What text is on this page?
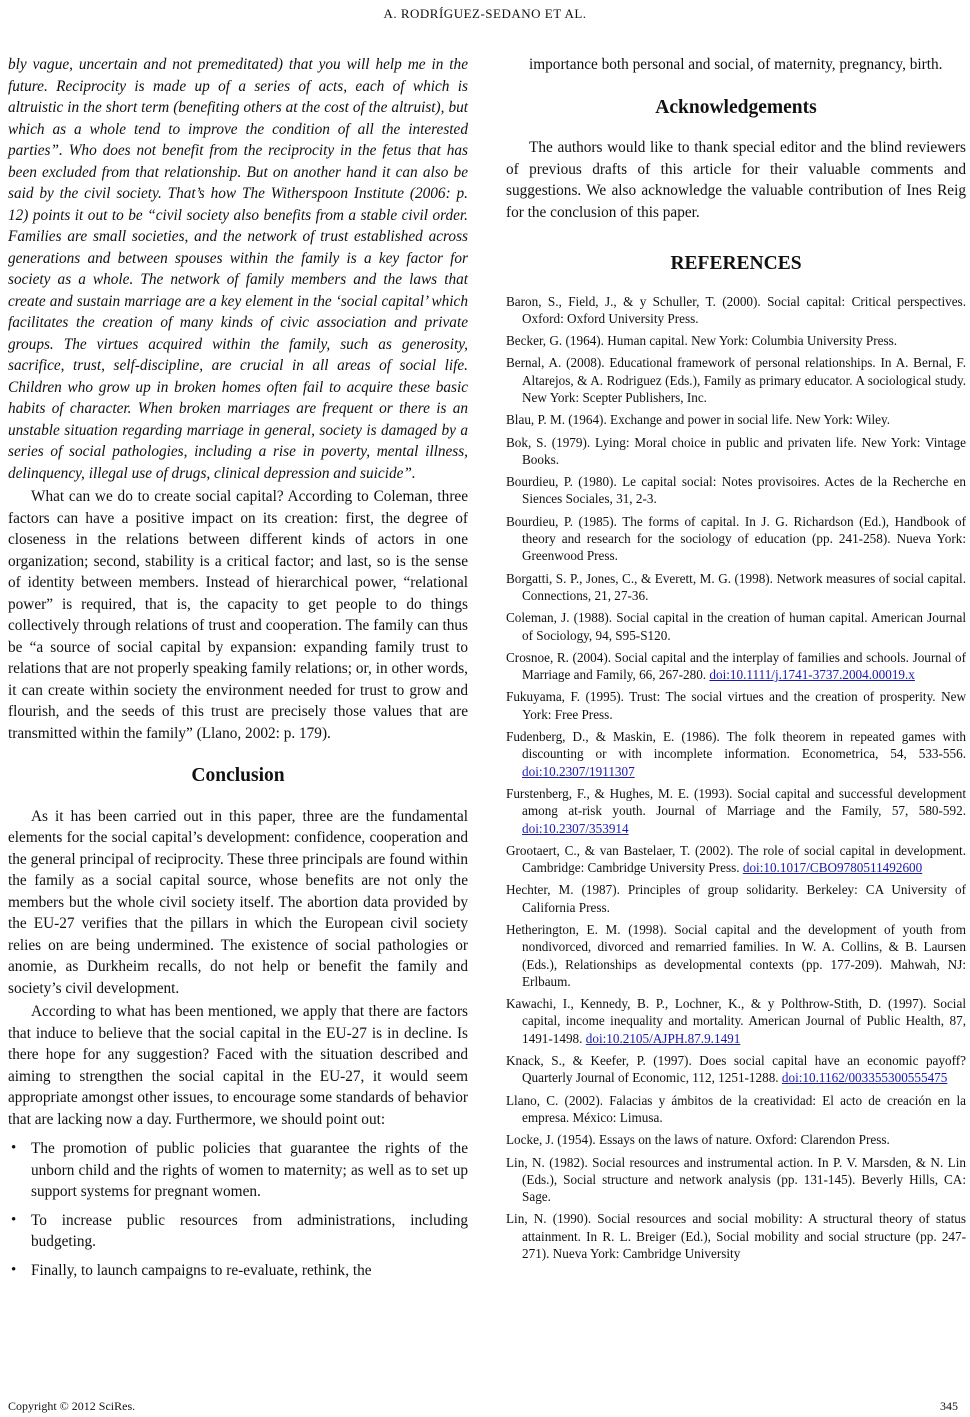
A. RODRÍGUEZ-SEDANO ET AL.

bly vague, uncertain and not premeditated) that you will help me in the future. Reciprocity is made up of a series of acts, each of which is altruistic in the short term (benefiting others at the cost of the altruist), but which as a whole tend to improve the condition of all the interested parties”. Who does not benefit from the reciprocity in the fetus that has been excluded from that relationship. But on another hand it can also be said by the civil society. That’s how The Witherspoon Institute (2006: p. 12) points it out to be “civil society also benefits from a stable civil order. Families are small societies, and the network of trust established across generations and between spouses within the family is a key factor for society as a whole. The network of family members and the laws that create and sustain marriage are a key element in the ‘social capital’ which facilitates the creation of many kinds of civic association and private groups. The virtues acquired within the family, such as generosity, sacrifice, trust, self-discipline, are crucial in all areas of social life. Children who grow up in broken homes often fail to acquire these basic habits of character. When broken marriages are frequent or there is an unstable situation regarding marriage in general, society is damaged by a series of social pathologies, including a rise in poverty, mental illness, delinquency, illegal use of drugs, clinical depression and suicide”.

What can we do to create social capital? According to Coleman, three factors can have a positive impact on its creation: first, the degree of closeness in the relations between different kinds of actors in one organization; second, stability is a critical factor; and last, so is the sense of identity between members. Instead of hierarchical power, “relational power” is required, that is, the capacity to get people to do things collectively through relations of trust and cooperation. The family can thus be “a source of social capital by expansion: expanding family trust to relations that are not properly speaking family relations; or, in other words, it can create within society the environment needed for trust to grow and flourish, and the seeds of this trust are precisely those values that are transmitted within the family” (Llano, 2002: p. 179).

Conclusion

As it has been carried out in this paper, three are the fundamental elements for the social capital’s development: confidence, cooperation and the general principal of reciprocity. These three principals are found within the family as a social capital source, whose benefits are not only the members but the whole civil society itself. The abortion data provided by the EU-27 verifies that the pillars in which the European civil society relies on are being undermined. The existence of social pathologies or anomie, as Durkheim recalls, do not help or benefit the family and society’s civil development.

According to what has been mentioned, we apply that there are factors that induce to believe that the social capital in the EU-27 is in decline. Is there hope for any suggestion? Faced with the situation described and aiming to strengthen the social capital in the EU-27, it would seem appropriate amongst other issues, to encourage some standards of behavior that are lacking now a day. Furthermore, we should point out:

• The promotion of public policies that guarantee the rights of the unborn child and the rights of women to maternity; as well as to set up support systems for pregnant women.
• To increase public resources from administrations, including budgeting.
• Finally, to launch campaigns to re-evaluate, rethink, the

importance both personal and social, of maternity, pregnancy, birth.

Acknowledgements

The authors would like to thank special editor and the blind reviewers of previous drafts of this article for their valuable comments and suggestions. We also acknowledge the valuable contribution of Ines Reig for the conclusion of this paper.

REFERENCES
Baron, S., Field, J., & y Schuller, T. (2000). Social capital: Critical perspectives. Oxford: Oxford University Press.
Becker, G. (1964). Human capital. New York: Columbia University Press.
Bernal, A. (2008). Educational framework of personal relationships. In A. Bernal, F. Altarejos, & A. Rodriguez (Eds.), Family as primary educator. A sociological study. New York: Scepter Publishers, Inc.
Blau, P. M. (1964). Exchange and power in social life. New York: Wiley.
Bok, S. (1979). Lying: Moral choice in public and privaten life. New York: Vintage Books.
Bourdieu, P. (1980). Le capital social: Notes provisoires. Actes de la Recherche en Siences Sociales, 31, 2-3.
Bourdieu, P. (1985). The forms of capital. In J. G. Richardson (Ed.), Handbook of theory and research for the sociology of education (pp. 241-258). Nueva York: Greenwood Press.
Borgatti, S. P., Jones, C., & Everett, M. G. (1998). Network measures of social capital. Connections, 21, 27-36.
Coleman, J. (1988). Social capital in the creation of human capital. American Journal of Sociology, 94, S95-S120.
Crosnoe, R. (2004). Social capital and the interplay of families and schools. Journal of Marriage and Family, 66, 267-280. doi:10.1111/j.1741-3737.2004.00019.x
Fukuyama, F. (1995). Trust: The social virtues and the creation of prosperity. New York: Free Press.
Fudenberg, D., & Maskin, E. (1986). The folk theorem in repeated games with discounting or with incomplete information. Econometrica, 54, 533-556. doi:10.2307/1911307
Furstenberg, F., & Hughes, M. E. (1993). Social capital and successful development among at-risk youth. Journal of Marriage and the Family, 57, 580-592. doi:10.2307/353914
Grootaert, C., & van Bastelaer, T. (2002). The role of social capital in development. Cambridge: Cambridge University Press. doi:10.1017/CBO9780511492600
Hechter, M. (1987). Principles of group solidarity. Berkeley: CA University of California Press.
Hetherington, E. M. (1998). Social capital and the development of youth from nondivorced, divorced and remarried families. In W. A. Collins, & B. Laursen (Eds.), Relationships as developmental contexts (pp. 177-209). Mahwah, NJ: Erlbaum.
Kawachi, I., Kennedy, B. P., Lochner, K., & y Polthrow-Stith, D. (1997). Social capital, income inequality and mortality. American Journal of Public Health, 87, 1491-1498. doi:10.2105/AJPH.87.9.1491
Knack, S., & Keefer, P. (1997). Does social capital have an economic payoff? Quarterly Journal of Economic, 112, 1251-1288. doi:10.1162/003355300555475
Llano, C. (2002). Falacias y ámbitos de la creatividad: El acto de creación en la empresa. México: Limusa.
Locke, J. (1954). Essays on the laws of nature. Oxford: Clarendon Press.
Lin, N. (1982). Social resources and instrumental action. In P. V. Marsden, & N. Lin (Eds.), Social structure and network analysis (pp. 131-145). Beverly Hills, CA: Sage.
Lin, N. (1990). Social resources and social mobility: A structural theory of status attainment. In R. L. Breiger (Ed.), Social mobility and social structure (pp. 247-271). Nueva York: Cambridge University
Copyright © 2012 SciRes.	345
